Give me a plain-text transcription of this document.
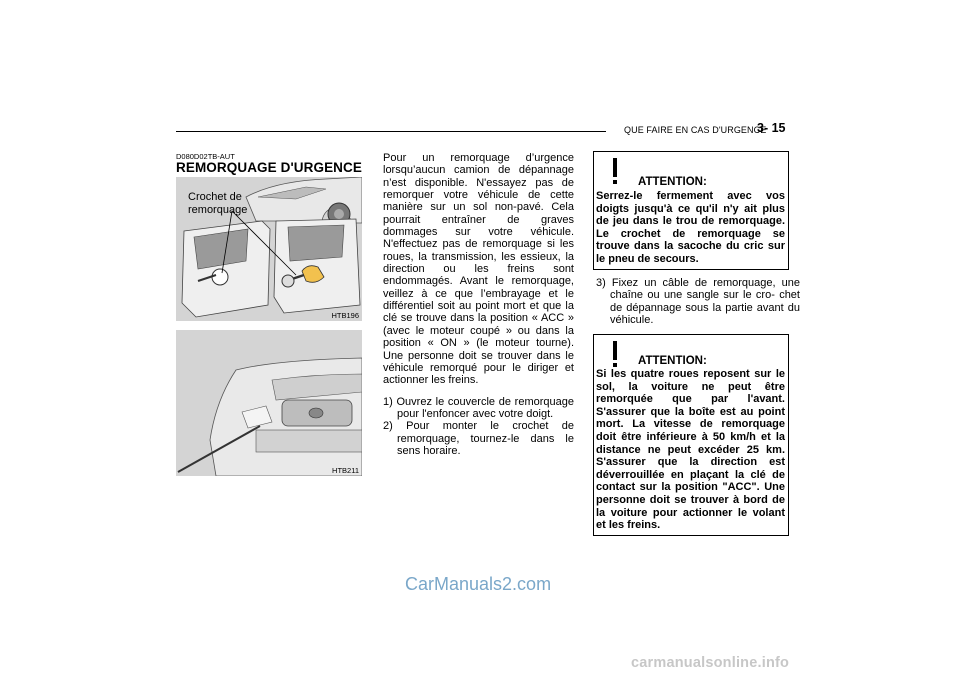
QUE FAIRE EN CAS D'URGENCE
3- 15
D080D02TB-AUT
REMORQUAGE D'URGENCE
Crochet de
remorquage
HTB196
HTB211

Pour un remorquage d’urgence lorsqu’aucun camion de dépannage n’est disponible. N'essayez pas de remorquer votre véhicule de cette manière sur un sol non-pavé. Cela pourrait entraîner de graves dommages sur votre véhicule. N'effectuez pas de remorquage si les roues, la transmission, les essieux, la direction ou les freins sont endommagés. Avant le remorquage, veillez à ce que l’embrayage et le différentiel soit au point mort et que la clé se trouve dans la position « ACC » (avec le moteur coupé » ou dans la position « ON » (le moteur tourne). Une personne doit se trouver dans le véhicule remorqué pour le diriger et actionner les freins.

1) Ouvrez le couvercle de remorquage pour l'enfoncer avec votre doigt.

2) Pour monter le crochet de remorquage, tournez-le dans le sens horaire.

ATTENTION:
Serrez-le fermement avec vos doigts jusqu'à ce qu'il n'y ait plus de jeu dans le trou de remorquage. Le crochet de remorquage se trouve dans la sacoche du cric sur le pneu de secours.
3) Fixez un câble de remorquage, une chaîne ou une sangle sur le cro- chet de dépannage sous la partie avant du véhicule.
ATTENTION:
Si les quatre roues reposent sur le sol, la voiture ne peut être remorquée que par l'avant. S'assurer que la boîte est au point mort. La vitesse de remorquage doit être inférieure à 50 km/h et la distance ne peut excéder 25 km. S'assurer que la direction est déverrouillée en plaçant la clé de contact sur la position "ACC". Une personne doit se trouver à bord de la voiture pour actionner le volant et les freins.
CarManuals2.com
carmanualsonline.info
